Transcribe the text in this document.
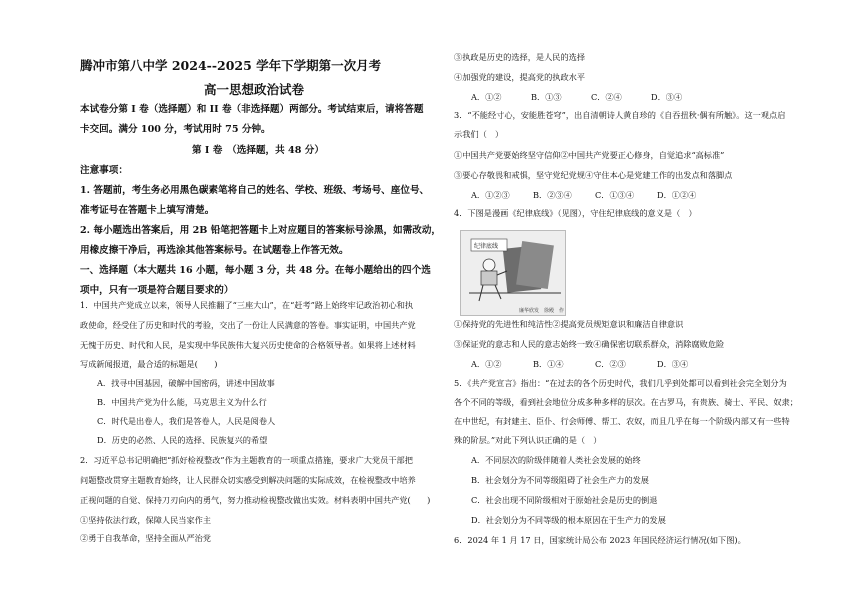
腾冲市第八中学 2024--2025 学年下学期第一次月考
高一思想政治试卷
本试卷分第 I 卷（选择题）和 II 卷（非选择题）两部分。考试结束后，请将答题
卡交回。满分 100 分，考试用时 75 分钟。
第 I 卷　（选择题，共 48 分）
注意事项：
1. 答题前，考生务必用黑色碳素笔将自己的姓名、学校、班级、考场号、座位号、
准考证号在答题卡上填写清楚。
2. 每小题选出答案后，用 2B 铅笔把答题卡上对应题目的答案标号涂黑，如需改动，
用橡皮擦干净后，再选涂其他答案标号。在试题卷上作答无效。
一、选择题（本大题共 16 小题，每小题 3 分，共 48 分。在每小题给出的四个选
项中，只有一项是符合题目要求的）
1．中国共产党成立以来，领导人民推翻了“三座大山”，在“赶考”路上始终牢记政治初心和执
政使命，经受住了历史和时代的考验，交出了一份让人民满意的答卷。事实证明，中国共产党
无愧于历史、时代和人民，是实现中华民族伟大复兴历史使命的合格领导者。如果将上述材料
写成新闻报道，最合适的标题是(　　)
A．找寻中国基因，破解中国密码，讲述中国故事
B．中国共产党为什么能，马克思主义为什么行
C．时代是出卷人，我们是答卷人，人民是阅卷人
D．历史的必然、人民的选择、民族复兴的希望
2．习近平总书记明确把“抓好检视整改”作为主题教育的一项重点措施，要求广大党员干部把
问题整改贯穿主题教育始终，让人民群众切实感受到解决问题的实际成效，在检视整改中培养
正视问题的自觉、保持刀刃向内的勇气，努力推动检视整改做出实效。材料表明中国共产党(　　)
①坚持依法行政，保障人民当家作主
②勇于自我革命，坚持全面从严治党
③执政是历史的选择，是人民的选择
④加强党的建设，提高党的执政水平
A．①②	B．①③	C．②④	D．③④
3．“不能经寸心，安能胜苍穹”，出自清朝诗人黄自珍的《自吞扭秋·偶有所触》。这一观点启
示我们（　）
①中国共产党要始终坚守信仰②中国共产党要正心修身，自觉追求“高标准”
③要心存敬畏和戒惧，坚守党纪党规④守住本心是党建工作的出发点和落脚点
A．①②③	B．②③④	C．①③④	D．①②④
4．下图是漫画《纪律底线》（见图），守住纪律底线的意义是（　）
纪律底线
廉华欣发　徐殿　作
①保持党的先进性和纯洁性②提高党员规矩意识和廉洁自律意识
③保证党的意志和人民的意志始终一致④确保密切联系群众，消除腐败危险
A．①②	B．①④	C．②③	D．③④
5．《共产党宣言》指出：“在过去的各个历史时代，我们几乎到处都可以看到社会完全划分为
各个不同的等级，看到社会地位分成多种多样的层次。在古罗马，有贵族、骑士、平民、奴隶；
在中世纪，有封建主、臣仆、行会师傅、帮工、农奴，而且几乎在每一个阶级内部又有一些特
殊的阶层。”对此下列认识正确的是（　）
A．不同层次的阶级伴随着人类社会发展的始终
B．社会划分为不同等级阻碍了社会生产力的发展
C．社会出现不同阶级相对于原始社会是历史的倒退
D．社会划分为不同等级的根本原因在于生产力的发展
6．2024 年 1 月 17 日，国家统计局公布 2023 年国民经济运行情况(如下图)。
